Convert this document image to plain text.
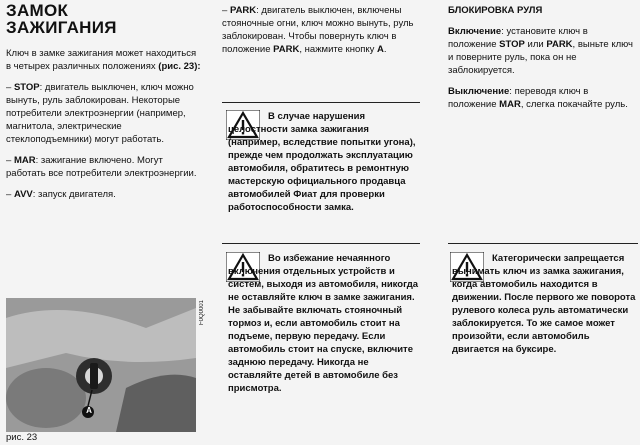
ЗАМОК
ЗАЖИГАНИЯ

Ключ в замке зажигания может находиться в четырех различных положениях (рис. 23):

– STOP: двигатель выключен, ключ можно вынуть, руль заблокирован. Некоторые потребители электроэнергии (например, магнитола, электрические стеклоподъемники) могут работать.

– MAR: зажигание включено. Могут работать все потребители электроэнергии.

– AVV: запуск двигателя.

A
F0Q0001
рис. 23

– PARK: двигатель выключен, включены стояночные огни, ключ можно вынуть, руль заблокирован. Чтобы повернуть ключ в положение PARK, нажмите кнопку А.

В случае нарушения целостности замка зажигания (например, вследствие попытки угона), прежде чем продолжать эксплуатацию автомобиля, обратитесь в ремонтную мастерскую официального продавца автомобилей Фиат для проверки работоспособности замка.
Во избежание нечаянного включения отдельных устройств и систем, выходя из автомобиля, никогда не оставляйте ключ в замке зажигания. Не забывайте включать стояночный тормоз и, если автомобиль стоит на подъеме, первую передачу. Если автомобиль стоит на спуске, включите заднюю передачу. Никогда не оставляйте детей в автомобиле без присмотра.

БЛОКИРОВКА РУЛЯ

Включение: установите ключ в положение STOP или PARK, выньте ключ и поверните руль, пока он не заблокируется.

Выключение: переводя ключ в положение MAR, слегка покачайте руль.

Категорически запрещается вынимать ключ из замка зажигания, когда автомобиль находится в движении. После первого же поворота рулевого колеса руль автоматически заблокируется. То же самое может произойти, если автомобиль двигается на буксире.
